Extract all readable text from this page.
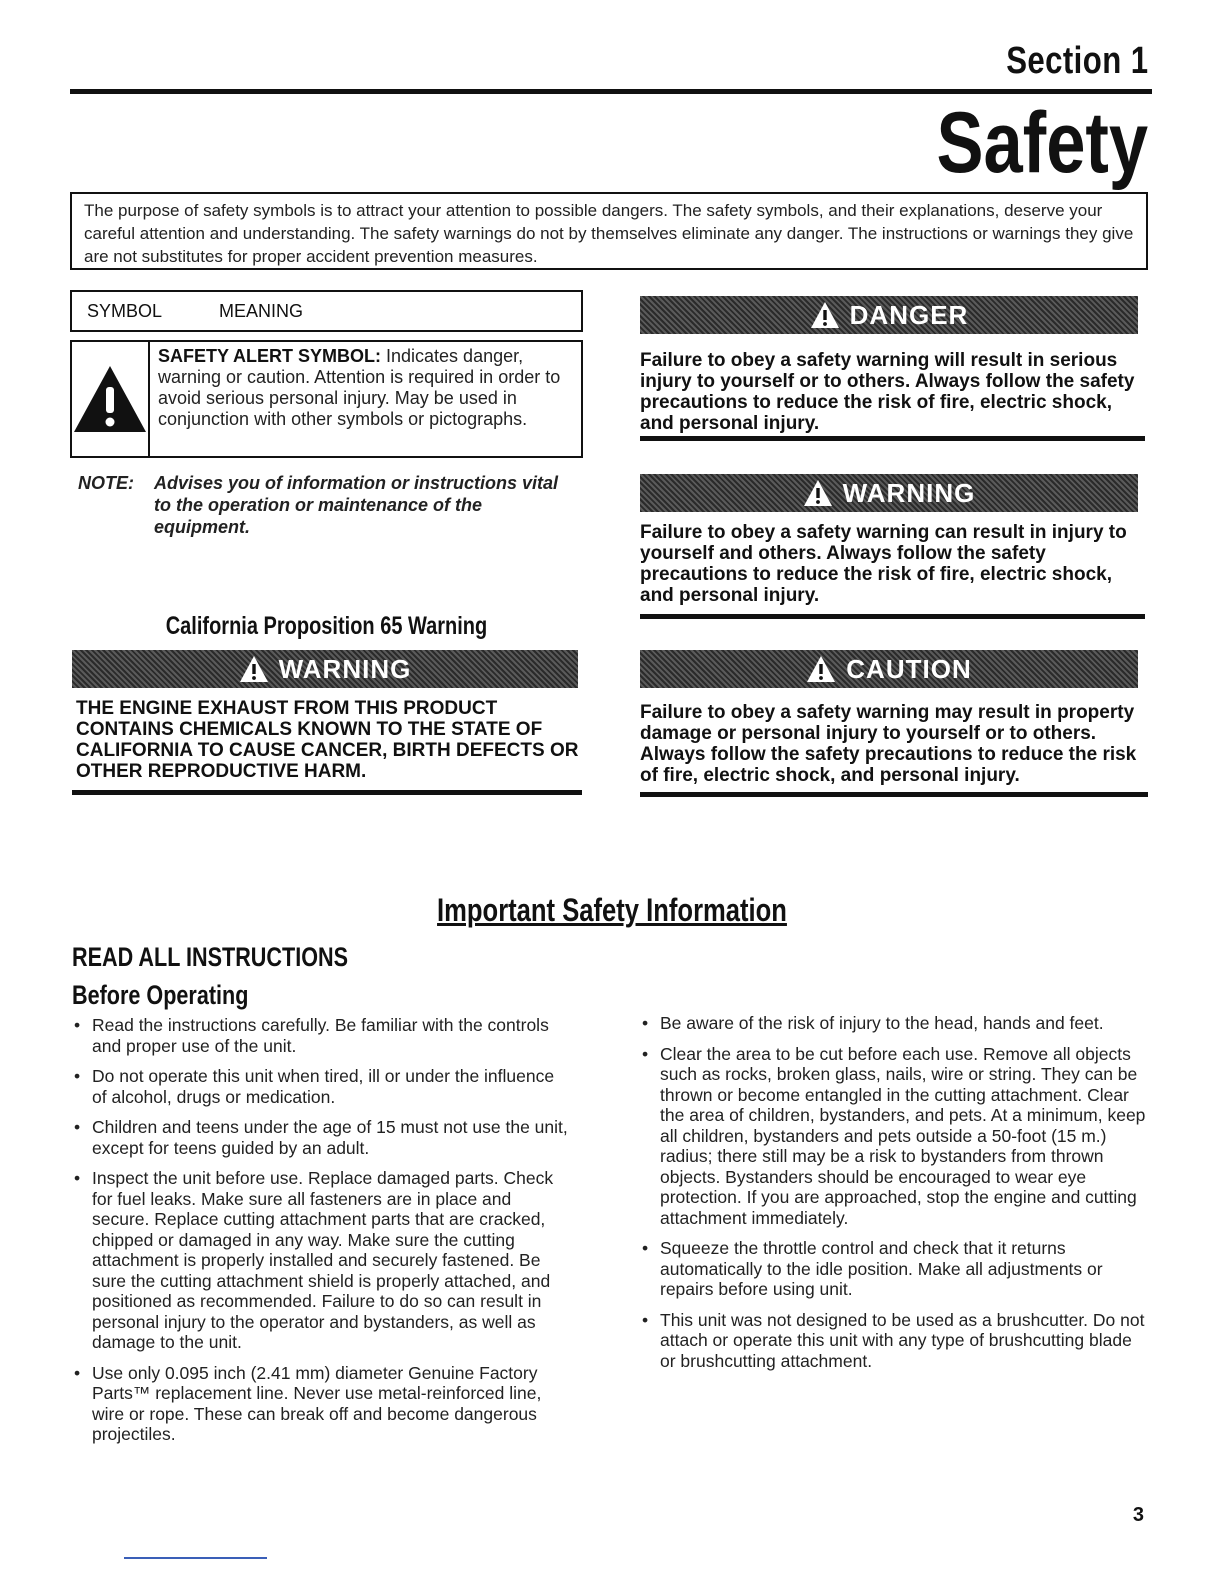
Section 1
Safety
The purpose of safety symbols is to attract your attention to possible dangers. The safety symbols, and their explanations, deserve your careful attention and understanding. The safety warnings do not by themselves eliminate any danger. The instructions or warnings they give are not substitutes for proper accident prevention measures.
SYMBOL	MEANING
SAFETY ALERT SYMBOL: Indicates danger, warning or caution. Attention is required in order to avoid serious personal injury. May be used in conjunction with other symbols or pictographs.
NOTE: Advises you of information or instructions vital to the operation or maintenance of the equipment.
California Proposition 65 Warning
WARNING
THE ENGINE EXHAUST FROM THIS PRODUCT CONTAINS CHEMICALS KNOWN TO THE STATE OF CALIFORNIA TO CAUSE CANCER, BIRTH DEFECTS OR OTHER REPRODUCTIVE HARM.
DANGER
Failure to obey a safety warning will result in serious injury to yourself or to others. Always follow the safety precautions to reduce the risk of fire, electric shock, and personal injury.
WARNING
Failure to obey a safety warning can result in injury to yourself and others. Always follow the safety precautions to reduce the risk of fire, electric shock, and personal injury.
CAUTION
Failure to obey a safety warning may result in property damage or personal injury to yourself or to others. Always follow the safety precautions to reduce the risk of fire, electric shock, and personal injury.
Important Safety Information
READ ALL INSTRUCTIONS
Before Operating
• Read the instructions carefully. Be familiar with the controls and proper use of the unit.
• Do not operate this unit when tired, ill or under the influence of alcohol, drugs or medication.
• Children and teens under the age of 15 must not use the unit, except for teens guided by an adult.
• Inspect the unit before use. Replace damaged parts. Check for fuel leaks. Make sure all fasteners are in place and secure. Replace cutting attachment parts that are cracked, chipped or damaged in any way. Make sure the cutting attachment is properly installed and securely fastened. Be sure the cutting attachment shield is properly attached, and positioned as recommended. Failure to do so can result in personal injury to the operator and bystanders, as well as damage to the unit.
• Use only 0.095 inch (2.41 mm) diameter Genuine Factory Parts™ replacement line. Never use metal-reinforced line, wire or rope. These can break off and become dangerous projectiles.
• Be aware of the risk of injury to the head, hands and feet.
• Clear the area to be cut before each use. Remove all objects such as rocks, broken glass, nails, wire or string. They can be thrown or become entangled in the cutting attachment. Clear the area of children, bystanders, and pets. At a minimum, keep all children, bystanders and pets outside a 50-foot (15 m.) radius; there still may be a risk to bystanders from thrown objects. Bystanders should be encouraged to wear eye protection. If you are approached, stop the engine and cutting attachment immediately.
• Squeeze the throttle control and check that it returns automatically to the idle position. Make all adjustments or repairs before using unit.
• This unit was not designed to be used as a brushcutter. Do not attach or operate this unit with any type of brushcutting blade or brushcutting attachment.
3
